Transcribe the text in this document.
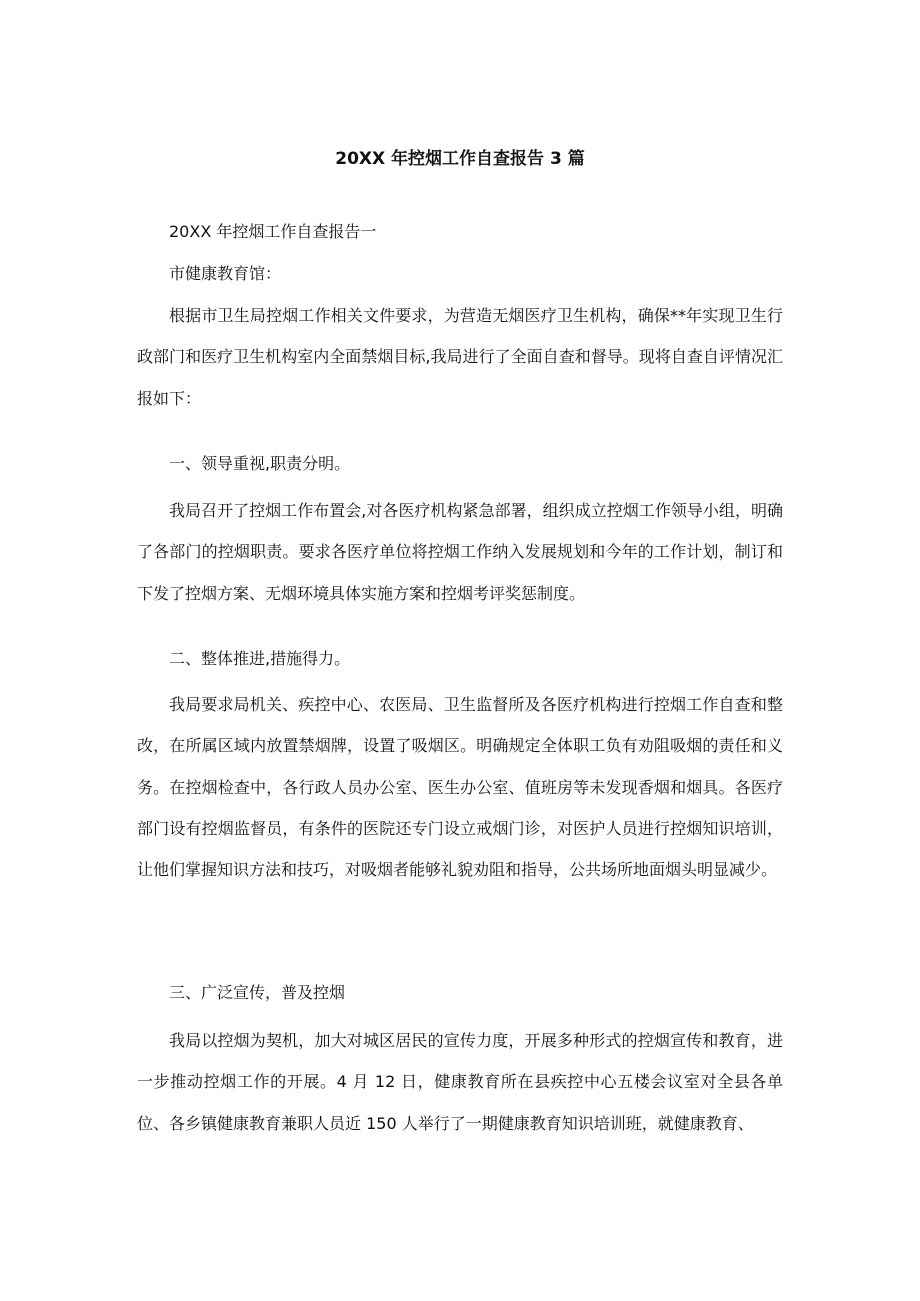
20XX 年控烟工作自查报告 3 篇

20XX 年控烟工作自查报告一

市健康教育馆：

根据市卫生局控烟工作相关文件要求，为营造无烟医疗卫生机构，确保**年实现卫生行政部门和医疗卫生机构室内全面禁烟目标,我局进行了全面自查和督导。现将自查自评情况汇报如下：

一、领导重视,职责分明。

我局召开了控烟工作布置会,对各医疗机构紧急部署，组织成立控烟工作领导小组，明确了各部门的控烟职责。要求各医疗单位将控烟工作纳入发展规划和今年的工作计划，制订和下发了控烟方案、无烟环境具体实施方案和控烟考评奖惩制度。

二、整体推进,措施得力。

我局要求局机关、疾控中心、农医局、卫生监督所及各医疗机构进行控烟工作自查和整改，在所属区域内放置禁烟牌，设置了吸烟区。明确规定全体职工负有劝阻吸烟的责任和义务。在控烟检查中，各行政人员办公室、医生办公室、值班房等未发现香烟和烟具。各医疗部门设有控烟监督员，有条件的医院还专门设立戒烟门诊，对医护人员进行控烟知识培训，让他们掌握知识方法和技巧，对吸烟者能够礼貌劝阻和指导，公共场所地面烟头明显减少。

三、广泛宣传，普及控烟

我局以控烟为契机，加大对城区居民的宣传力度，开展多种形式的控烟宣传和教育，进一步推动控烟工作的开展。4 月 12 日，健康教育所在县疾控中心五楼会议室对全县各单位、各乡镇健康教育兼职人员近 150 人举行了一期健康教育知识培训班，就健康教育、
